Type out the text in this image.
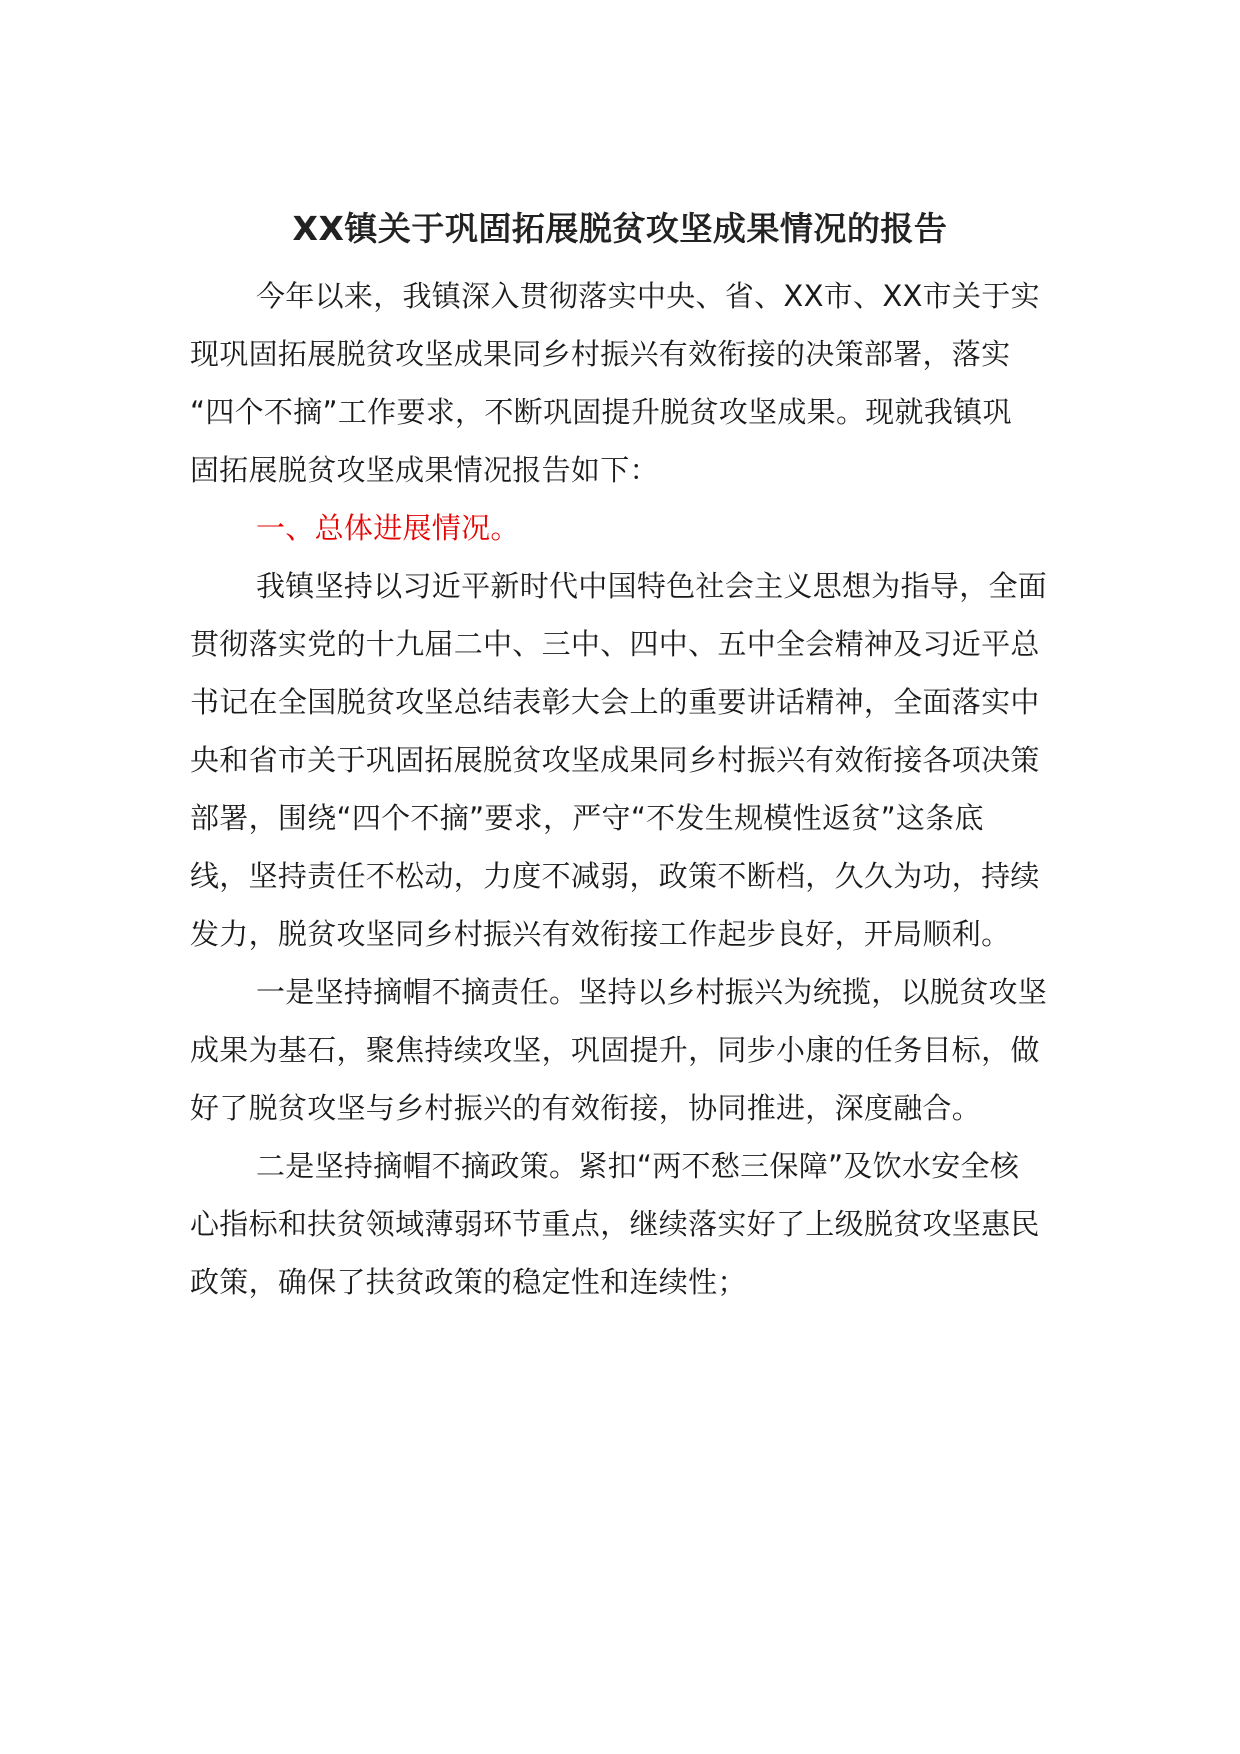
XX镇关于巩固拓展脱贫攻坚成果情况的报告
今年以来，我镇深入贯彻落实中央、省、XX市、XX市关于实
现巩固拓展脱贫攻坚成果同乡村振兴有效衔接的决策部署，落实
“四个不摘”工作要求，不断巩固提升脱贫攻坚成果。现就我镇巩
固拓展脱贫攻坚成果情况报告如下：
一、总体进展情况。
我镇坚持以习近平新时代中国特色社会主义思想为指导，全面
贯彻落实党的十九届二中、三中、四中、五中全会精神及习近平总
书记在全国脱贫攻坚总结表彰大会上的重要讲话精神，全面落实中
央和省市关于巩固拓展脱贫攻坚成果同乡村振兴有效衔接各项决策
部署，围绕“四个不摘”要求，严守“不发生规模性返贫”这条底
线，坚持责任不松动，力度不减弱，政策不断档，久久为功，持续
发力，脱贫攻坚同乡村振兴有效衔接工作起步良好，开局顺利。
一是坚持摘帽不摘责任。坚持以乡村振兴为统揽，以脱贫攻坚
成果为基石，聚焦持续攻坚，巩固提升，同步小康的任务目标，做
好了脱贫攻坚与乡村振兴的有效衔接，协同推进，深度融合。
二是坚持摘帽不摘政策。紧扣“两不愁三保障”及饮水安全核
心指标和扶贫领域薄弱环节重点，继续落实好了上级脱贫攻坚惠民
政策，确保了扶贫政策的稳定性和连续性；
